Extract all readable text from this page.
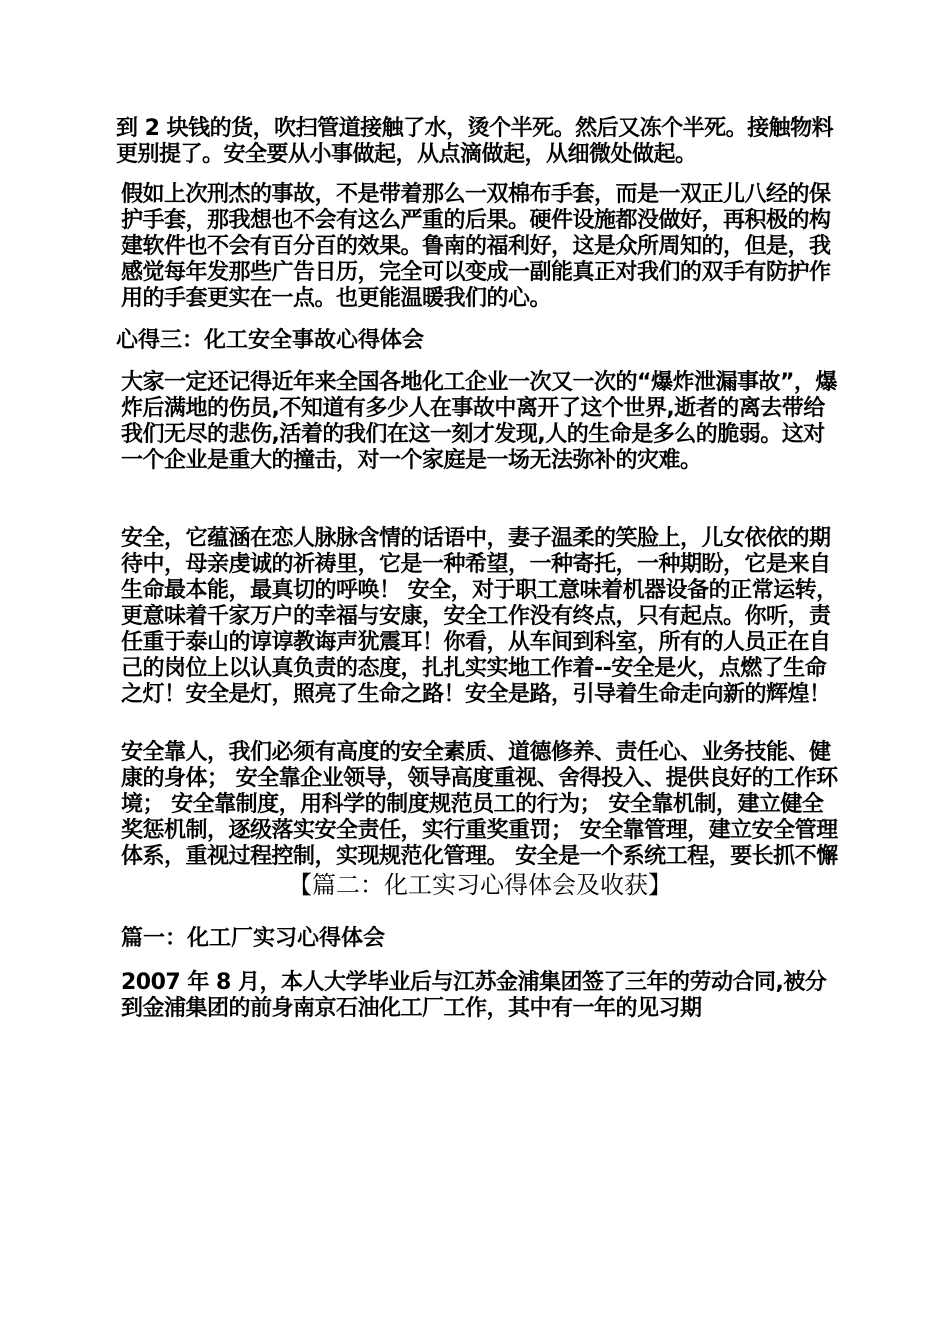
到 2 块钱的货，吹扫管道接触了水，烫个半死。然后又冻个半死。接触物料更别提了。安全要从小事做起，从点滴做起，从细微处做起。

假如上次刑杰的事故，不是带着那么一双棉布手套，而是一双正儿八经的保护手套，那我想也不会有这么严重的后果。硬件设施都没做好，再积极的构建软件也不会有百分百的效果。鲁南的福利好，这是众所周知的，但是，我感觉每年发那些广告日历，完全可以变成一副能真正对我们的双手有防护作用的手套更实在一点。也更能温暖我们的心。

心得三：化工安全事故心得体会

大家一定还记得近年来全国各地化工企业一次又一次的“爆炸泄漏事故”，爆炸后满地的伤员,不知道有多少人在事故中离开了这个世界,逝者的离去带给我们无尽的悲伤,活着的我们在这一刻才发现,人的生命是多么的脆弱。这对一个企业是重大的撞击，对一个家庭是一场无法弥补的灾难。

安全，它蕴涵在恋人脉脉含情的话语中，妻子温柔的笑脸上，儿女依依的期待中，母亲虔诚的祈祷里，它是一种希望，一种寄托，一种期盼，它是来自生命最本能，最真切的呼唤！ 安全，对于职工意味着机器设备的正常运转，更意味着千家万户的幸福与安康，安全工作没有终点，只有起点。你听，责任重于泰山的谆谆教诲声犹震耳！你看，从车间到科室，所有的人员正在自己的岗位上以认真负责的态度，扎扎实实地工作着--安全是火，点燃了生命之灯！安全是灯，照亮了生命之路！安全是路，引导着生命走向新的辉煌！

安全靠人，我们必须有高度的安全素质、道德修养、责任心、业务技能、健康的身体； 安全靠企业领导，领导高度重视、舍得投入、提供良好的工作环境； 安全靠制度，用科学的制度规范员工的行为； 安全靠机制，建立健全奖惩机制，逐级落实安全责任，实行重奖重罚； 安全靠管理，建立安全管理体系，重视过程控制，实现规范化管理。 安全是一个系统工程，要长抓不懈

【篇二：化工实习心得体会及收获】

篇一：化工厂实习心得体会

2007 年 8 月，本人大学毕业后与江苏金浦集团签了三年的劳动合同,被分到金浦集团的前身南京石油化工厂工作，其中有一年的见习期
